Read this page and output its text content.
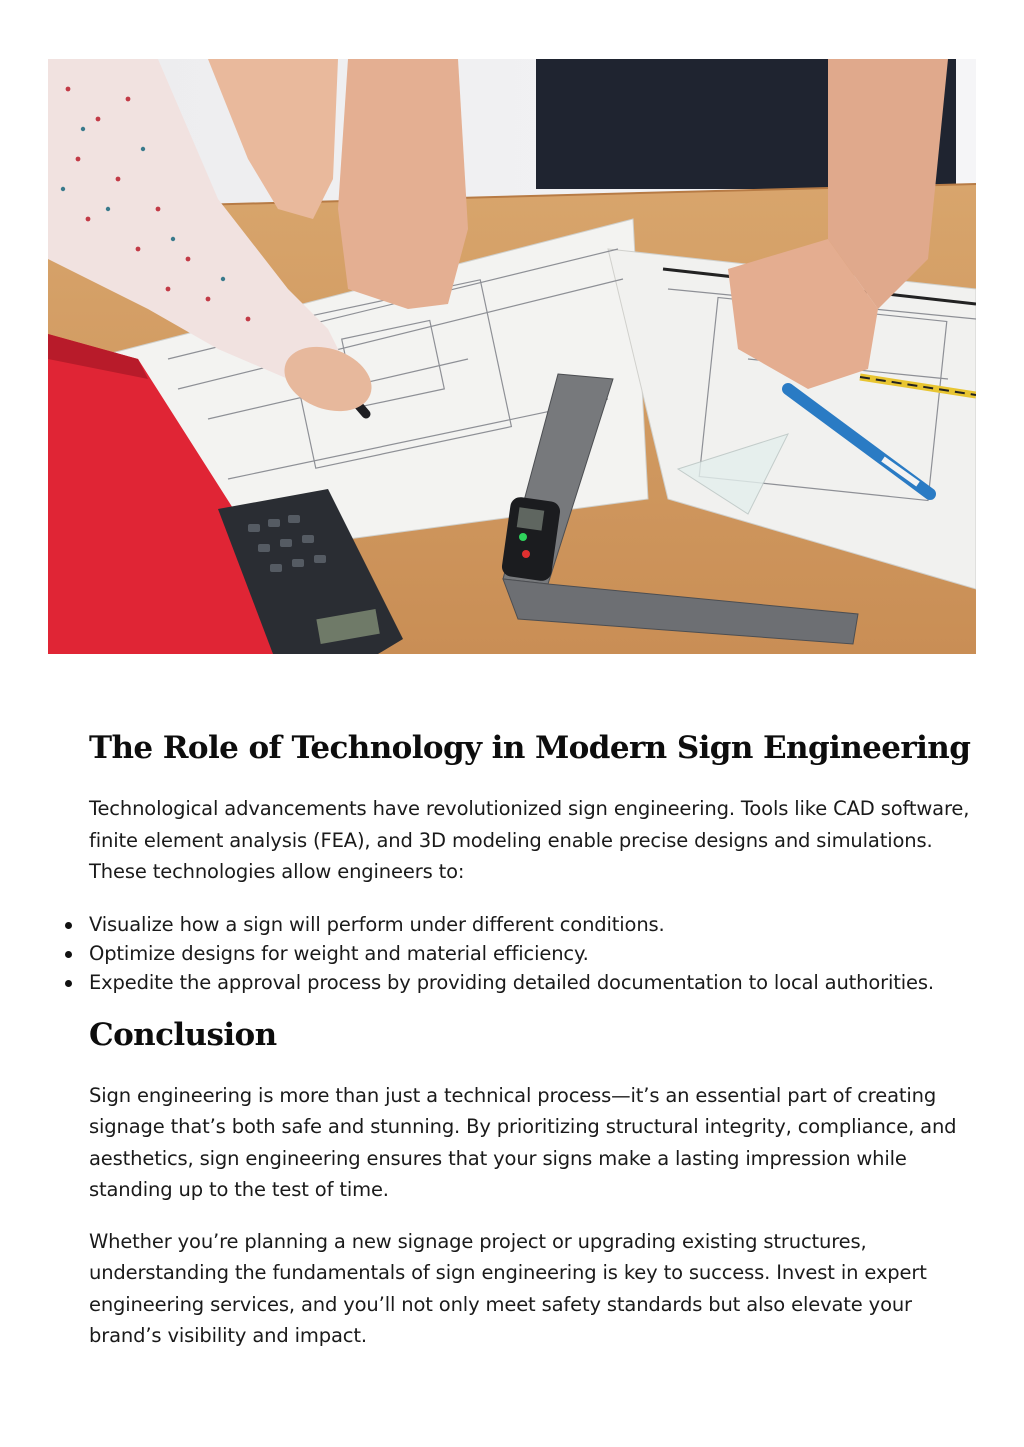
The Role of Technology in Modern Sign Engineering

Technological advancements have revolutionized sign engineering. Tools like CAD software, finite element analysis (FEA), and 3D modeling enable precise designs and simulations. These technologies allow engineers to:

Visualize how a sign will perform under different conditions.
Optimize designs for weight and material efficiency.
Expedite the approval process by providing detailed documentation to local authorities.
Conclusion

Sign engineering is more than just a technical process—it’s an essential part of creating signage that’s both safe and stunning. By prioritizing structural integrity, compliance, and aesthetics, sign engineering ensures that your signs make a lasting impression while standing up to the test of time.

Whether you’re planning a new signage project or upgrading existing structures, understanding the fundamentals of sign engineering is key to success. Invest in expert engineering services, and you’ll not only meet safety standards but also elevate your brand’s visibility and impact.
